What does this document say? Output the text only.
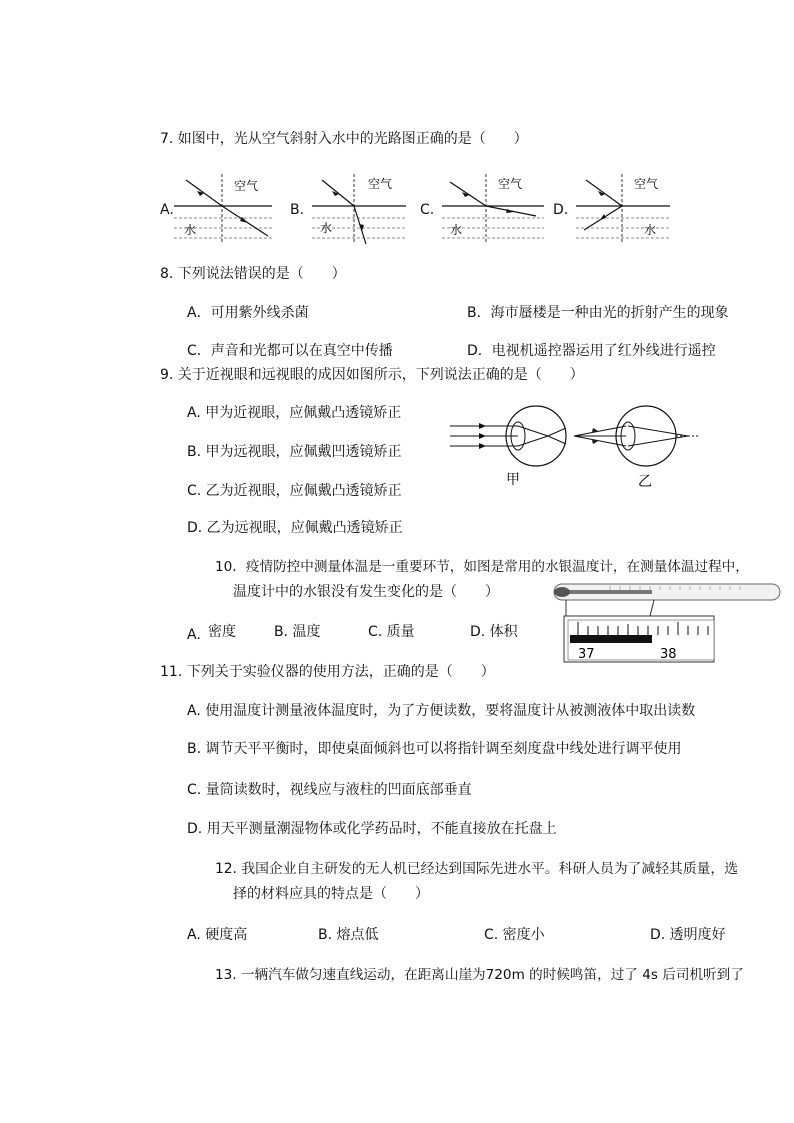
7. 如图中，光从空气斜射入水中的光路图正确的是（　　）
A.
空气
水
B.
空气
水
C.
空气
水
D.
空气
水
8. 下列说法错误的是（　　）
A．可用紫外线杀菌	B．海市蜃楼是一种由光的折射产生的现象
C．声音和光都可以在真空中传播	D．电视机遥控器运用了红外线进行遥控
9. 关于近视眼和远视眼的成因如图所示，下列说法正确的是（　　）
A. 甲为近视眼，应佩戴凸透镜矫正
B. 甲为远视眼，应佩戴凹透镜矫正
C. 乙为近视眼，应佩戴凸透镜矫正
D. 乙为远视眼，应佩戴凸透镜矫正
甲	乙
10．疫情防控中测量体温是一重要环节，如图是常用的水银温度计，在测量体温过程中，
温度计中的水银没有发生变化的是（　　）
A. 密度	B. 温度	C. 质量	D. 体积
37	38
11. 下列关于实验仪器的使用方法，正确的是（　　）
A. 使用温度计测量液体温度时，为了方便读数，要将温度计从被测液体中取出读数
B. 调节天平平衡时，即使桌面倾斜也可以将指针调至刻度盘中线处进行调平使用
C. 量筒读数时，视线应与液柱的凹面底部垂直
D. 用天平测量潮湿物体或化学药品时，不能直接放在托盘上
12. 我国企业自主研发的无人机已经达到国际先进水平。科研人员为了减轻其质量，选
择的材料应具的特点是（　　）
A. 硬度高	B. 熔点低	C. 密度小	D. 透明度好
13. 一辆汽车做匀速直线运动，在距离山崖为720m 的时候鸣笛，过了 4s 后司机听到了
